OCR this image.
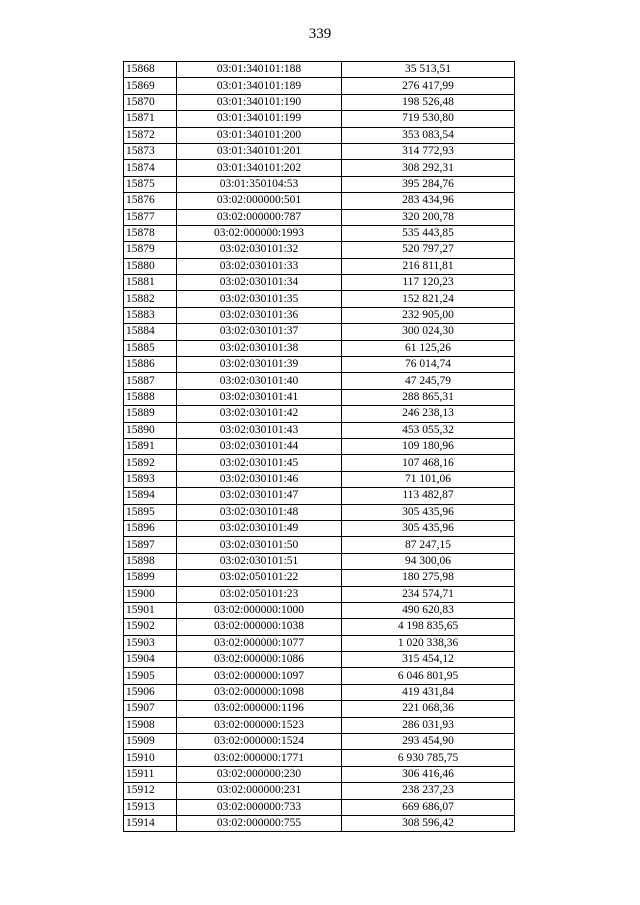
339
15868	03:01:340101:188	35 513,51
15869	03:01:340101:189	276 417,99
15870	03:01:340101:190	198 526,48
15871	03:01:340101:199	719 530,80
15872	03:01:340101:200	353 083,54
15873	03:01:340101:201	314 772,93
15874	03:01:340101:202	308 292,31
15875	03:01:350104:53	395 284,76
15876	03:02:000000:501	283 434,96
15877	03:02:000000:787	320 200,78
15878	03:02:000000:1993	535 443,85
15879	03:02:030101:32	520 797,27
15880	03:02:030101:33	216 811,81
15881	03:02:030101:34	117 120,23
15882	03:02:030101:35	152 821,24
15883	03:02:030101:36	232 905,00
15884	03:02:030101:37	300 024,30
15885	03:02:030101:38	61 125,26
15886	03:02:030101:39	76 014,74
15887	03:02:030101:40	47 245,79
15888	03:02:030101:41	288 865,31
15889	03:02:030101:42	246 238,13
15890	03:02:030101:43	453 055,32
15891	03:02:030101:44	109 180,96
15892	03:02:030101:45	107 468,16
15893	03:02:030101:46	71 101,06
15894	03:02:030101:47	113 482,87
15895	03:02:030101:48	305 435,96
15896	03:02:030101:49	305 435,96
15897	03:02:030101:50	87 247,15
15898	03:02:030101:51	94 300,06
15899	03:02:050101:22	180 275,98
15900	03:02:050101:23	234 574,71
15901	03:02:000000:1000	490 620,83
15902	03:02:000000:1038	4 198 835,65
15903	03:02:000000:1077	1 020 338,36
15904	03:02:000000:1086	315 454,12
15905	03:02:000000:1097	6 046 801,95
15906	03:02:000000:1098	419 431,84
15907	03:02:000000:1196	221 068,36
15908	03:02:000000:1523	286 031,93
15909	03:02:000000:1524	293 454,90
15910	03:02:000000:1771	6 930 785,75
15911	03:02:000000:230	306 416,46
15912	03:02:000000:231	238 237,23
15913	03:02:000000:733	669 686,07
15914	03:02:000000:755	308 596,42
